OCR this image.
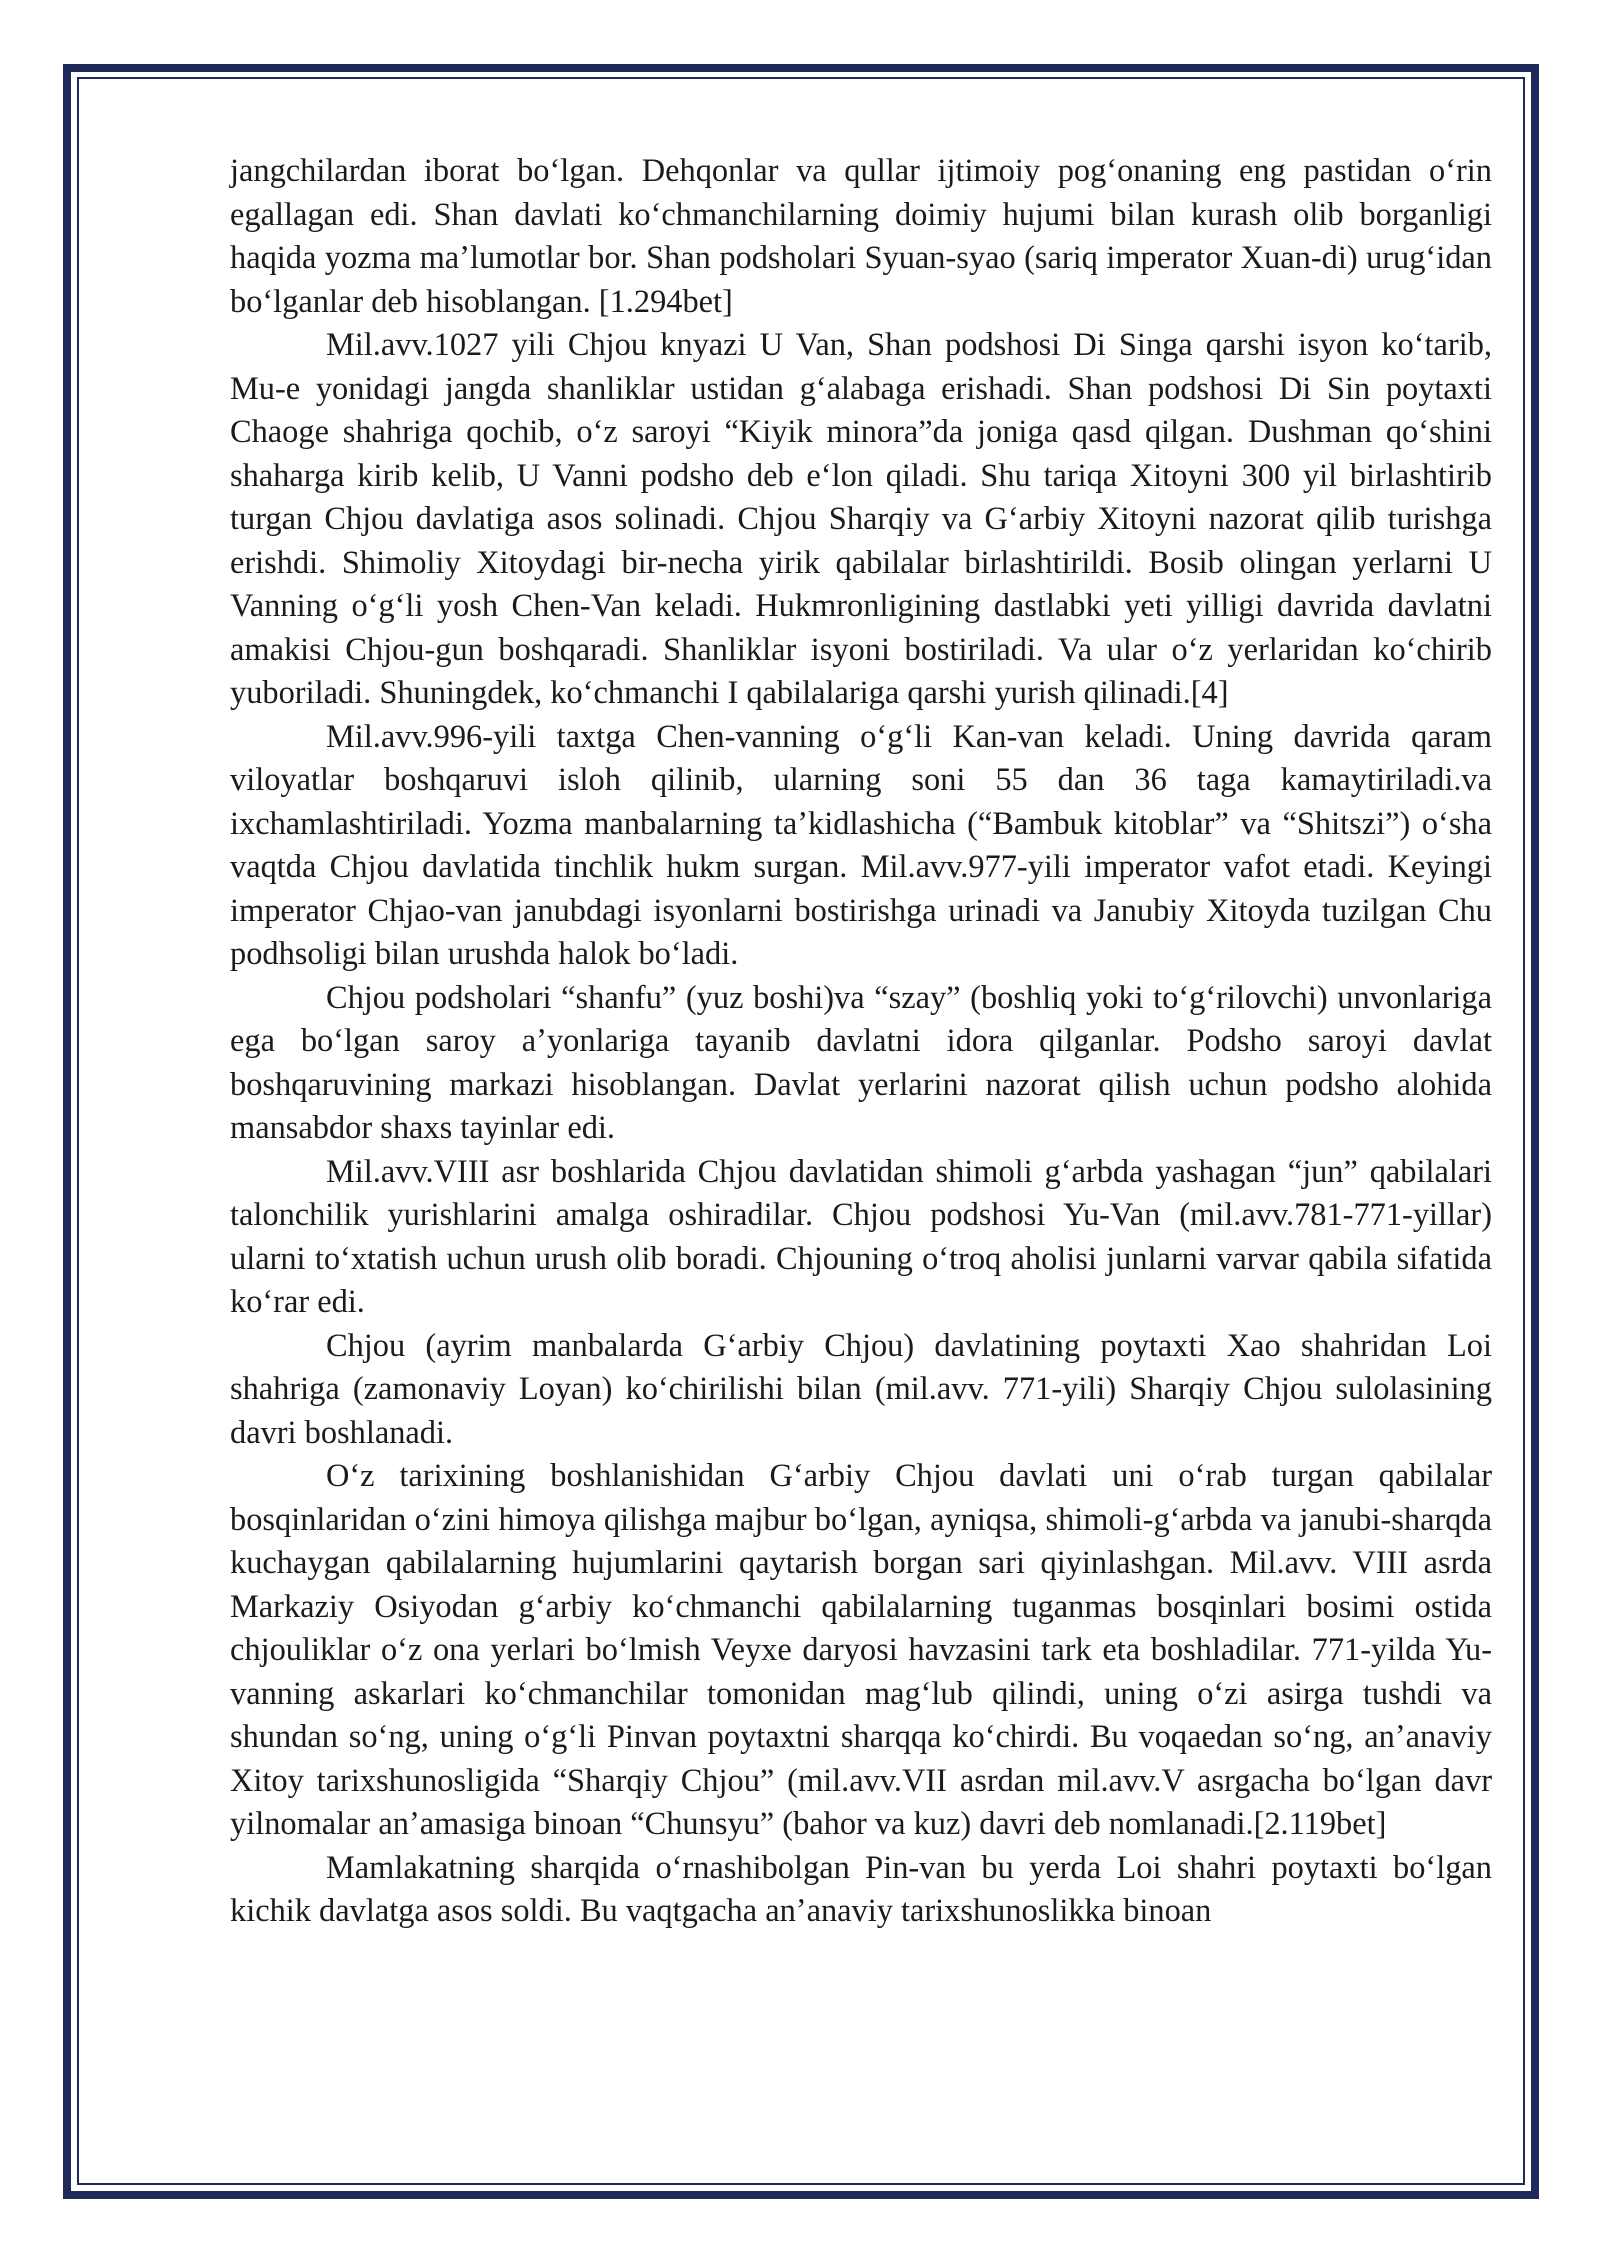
jangchilardan iborat boʻlgan. Dehqonlar va qullar ijtimoiy pogʻonaning eng pastidan oʻrin egallagan edi. Shan davlati koʻchmanchilarning doimiy hujumi bilan kurash olib borganligi haqida yozma maʼlumotlar bor. Shan podsholari Syuan-syao (sariq imperator Xuan-di) urugʻidan boʻlganlar deb hisoblangan. [1.294bet]

Mil.avv.1027 yili Chjou knyazi U Van, Shan podshosi Di Singa qarshi isyon koʻtarib, Mu-e yonidagi jangda shanliklar ustidan gʻalabaga erishadi. Shan podshosi Di Sin poytaxti Chaoge shahriga qochib, oʻz saroyi “Kiyik minora”da joniga qasd qilgan. Dushman qoʻshini shaharga kirib kelib, U Vanni podsho deb eʻlon qiladi. Shu tariqa Xitoyni 300 yil birlashtirib turgan Chjou davlatiga asos solinadi. Chjou Sharqiy va Gʻarbiy Xitoyni nazorat qilib turishga erishdi. Shimoliy Xitoydagi bir-necha yirik qabilalar birlashtirildi. Bosib olingan yerlarni U Vanning oʻgʻli yosh Chen-Van keladi. Hukmronligining dastlabki yeti yilligi davrida davlatni amakisi Chjou-gun boshqaradi. Shanliklar isyoni bostiriladi. Va ular oʻz yerlaridan koʻchirib yuboriladi. Shuningdek, koʻchmanchi I qabilalariga qarshi yurish qilinadi.[4]

Mil.avv.996-yili taxtga Chen-vanning oʻgʻli Kan-van keladi. Uning davrida qaram viloyatlar boshqaruvi isloh qilinib, ularning soni 55 dan 36 taga kamaytiriladi.va ixchamlashtiriladi. Yozma manbalarning taʼkidlashicha (“Bambuk kitoblar” va “Shitszi”) oʻsha vaqtda Chjou davlatida tinchlik hukm surgan. Mil.avv.977-yili imperator vafot etadi. Keyingi imperator Chjao-van janubdagi isyonlarni bostirishga urinadi va Janubiy Xitoyda tuzilgan Chu podhsoligi bilan urushda halok boʻladi.

Chjou podsholari “shanfu” (yuz boshi)va “szay” (boshliq yoki toʻgʻrilovchi) unvonlariga ega boʻlgan saroy aʼyonlariga tayanib davlatni idora qilganlar. Podsho saroyi davlat boshqaruvining markazi hisoblangan. Davlat yerlarini nazorat qilish uchun podsho alohida mansabdor shaxs tayinlar edi.

Mil.avv.VIII asr boshlarida Chjou davlatidan shimoli gʻarbda yashagan “jun” qabilalari talonchilik yurishlarini amalga oshiradilar. Chjou podshosi Yu-Van (mil.avv.781-771-yillar) ularni toʻxtatish uchun urush olib boradi. Chjouning oʻtroq aholisi junlarni varvar qabila sifatida koʻrar edi.

Chjou (ayrim manbalarda Gʻarbiy Chjou) davlatining poytaxti Xao shahridan Loi shahriga (zamonaviy Loyan) koʻchirilishi bilan (mil.avv. 771-yili) Sharqiy Chjou sulolasining davri boshlanadi.

Oʻz tarixining boshlanishidan Gʻarbiy Chjou davlati uni oʻrab turgan qabilalar bosqinlaridan oʻzini himoya qilishga majbur boʻlgan, ayniqsa, shimoli-gʻarbda va janubi-sharqda kuchaygan qabilalarning hujumlarini qaytarish borgan sari qiyinlashgan. Mil.avv. VIII asrda Markaziy Osiyodan gʻarbiy koʻchmanchi qabilalarning tuganmas bosqinlari bosimi ostida chjouliklar oʻz ona yerlari boʻlmish Veyxe daryosi havzasini tark eta boshladilar. 771-yilda Yu-vanning askarlari koʻchmanchilar tomonidan magʻlub qilindi, uning oʻzi asirga tushdi va shundan soʻng, uning oʻgʻli Pinvan poytaxtni sharqqa koʻchirdi. Bu voqaedan soʻng, anʼanaviy Xitoy tarixshunosligida “Sharqiy Chjou” (mil.avv.VII asrdan mil.avv.V asrgacha boʻlgan davr yilnomalar anʼamasiga binoan “Chunsyu” (bahor va kuz) davri deb nomlanadi.[2.119bet]

Mamlakatning sharqida oʻrnashibolgan Pin-van bu yerda Loi shahri poytaxti boʻlgan kichik davlatga asos soldi. Bu vaqtgacha anʼanaviy tarixshunoslikka binoan
